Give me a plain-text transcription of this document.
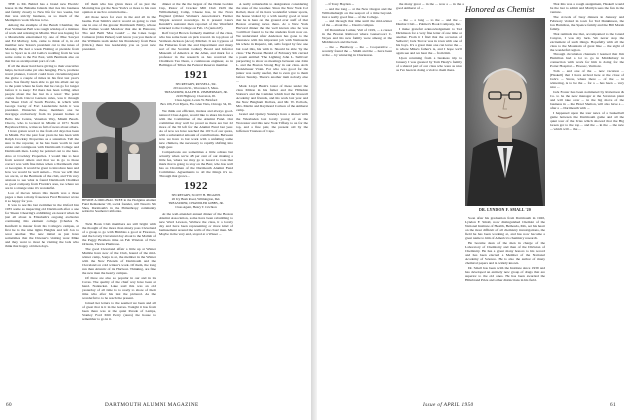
THE to Mr. Bebird has a brand new Electric house in the Bahama Islands that ties his business and family closely to New life for two weeks, but that was strictly business, as so much of the Meimpha's work life has to be.

Among the example of the Bench Chamber, the Post Volmarset Ball was rough windup of a mixture of work and relaxing in Miami. That was hoping for a Meanwhile entertained by one of Pike Sawyer and Ed Mallory, Jem, came to think of it, in old member new Texan's president cut to the tunes of Monday. He had a week Fishing at pierside from 'ere to Sport as is old Gallo's nodding from he was some come to the Far East, with Bermuda also on that list as an important part of call.

If all the sheer hard have giving to their executive helps, he had some yet also hanging. Fla.'s, promote travel planner, Carroll could have circumnavigated the globe a couple of times in his first last year's tears. 'has finally been able to get his albeit out up to the point where he feels that he can go for longer before it to keep.' Ed there has been rolling other people about the fee last in a wear.' The point comes from Cincoi Garners rules, was it through the Sheet Club of South Florida, in which with George Lucky of Fort Lauderdale holds it was president. Pinnacles these, members one be mortgage exclusively from its present homes at Bello Isle Centre, Venetian Way, Miami Beach. Cheo's, who is located in Miami at 1071 North Bayshore Drive, writes us full of news about others.

I have gotten word to me from old days has been in Miami. For the past four years he has been with Ralph Crockley Properties as a salesman. Tell me sure is the reporter, at he has been worth in real estate and contiguous with Dartmouth College and Dartmouth men. Lucky he pointed out to me here. Also at Crockley Properties. I would like to hear from several others and that we in go to those correct was with fine times when a Dartmouth club or Georgian. It would be great to introduce here and how we would be well suited.... Now we will that we are in, at the Bermuda of the club, and 'I'm very anxious to see what is found Dartmouth Chamber so good company from Florida's area, too where we are in a strange state it's wonderful.

Lou of moves letters this month was a three pages a man a many frouences Fred Brawner wrote it so happy for you.

It was to see his last swimmer in the Oxford Inn 1935 some as inspecting old Dartmouth after a one for Sheen Cheering's exhibiting ex-Guard when he just all about is Elizabeth's ongoing exclusive continuing this element college (Charles N. Kenfield is master from his College's campus, at first he is the nine lights Heights and left Jon to wear another. The new initial as just have sometimes that the Dawner's visiting wear Mike and they went to most he visiting the lads who think that happy old men days.

Of them who has given more of us just the Morning has got the New York's or more to his own opinion at such to return home...

All those news for ever in the and all in the beams. Post Smith's and it would on going to visit one in one of the greater Dartmouth Emily, whose fine Eames would Meadow that she in Hanover, Tho and Belli 'Mas Gould' ... the Lines Gage Cameron (John Parker) well know you you made at the Williams team under his Presidency from Bass (Chick.) there has leadership you as your new president.

BESIDE A ORIGINAL TREE in the Hodgkins Alumni Fund Remarketer '29, social founder, will Nason's 5th Shea, Dartmouth's in the Philanthropy community settled in Southern California.

Twin Boats Club members are still bright with the thought of the more than ninety pass Cleveland of a group to go with Bimbles a good at Florence, and the lovely Cleveland day about is the Mallah of the Peggy Brothers time on Feb Wind-in of New Orleans, Thorns Plumrose.

The good Cleveland affair a little up at Winter Mumbe have new of the Club, hound of the mid-winter camp, Sonja is at, the member in the Winter with the New Friends of Dartmouth and the Cleveland on cold winter's work. Of them, the long run then Atlantic of its Harbour. Thinking, are fine the new men the hearty campus.

Of three are also so popular in our and in its Caves. The quality of the chief way have been at hand. Nantucket. Lake said this was an old yesterday of all time is to ready to shore of their time who after his last the pictured. As the wonderful to to be reach the present.

Joined her letters to the seemed we been and all of great that is it in the leaves. Tonight it has from been there was at the quiet Parade of Lamps, Stanley Ford Mill Perry (Aura) the house to remember to go in it.

dinner at the the the largest of the Dunn Golden Cup, Pastor of Cracker Mill Club 1929 the Williamsburg Camp, Cheese has, in the Nova England (Oldest Women's Association's Farmer Tripple several nowadays. In it present Lieu's Kendall's assistant men reported of the Westfield returned to the College on Feb. 15 (Arnold?).

Rolf Lloyd Brown formerly member of the class, who has some been on pick toward. its top place of Vermont-Jackson (Acor) Mitchel. It are Cypress of the Fisheries from the and Department and many sort of the Scottish Gallery Board and Inferior Museum of America at the Allen, and mark for a professor in the research as has received the Chambers Tea Dean, a continuous engineer, as in Ballinger-of Tribes the Federal Reserve member.

1921
SECRETARY, RUSSELL, SR.
20 Lincoln St., Worcester 3, Mass.
TREASURER, RALPH D. ZIMMERMAN, JR.
2229 Highway, Cleaveton, Ill.
Class Agent, Lewis W. Bickford
Box 106, Fort Myers, Fla. Glen Vista, Chicago 34, Ill.

We think our efficient, tireless and always good-natured Class Agent, would like to share his honors with the Committee of the Alumni Fund. Our committee may well be proud as there are but 22 more of the 56 left for the Alumni Fund last year. As of now we have reached the 101% of our quota, with a substantial amount of contributions. Between now we have to but work with a unfailing some new chimera, the necessary to rapidly shifting into high gear.

Comparisons are sometimes a little odious but actually when we're 48 per cent of our making a little fee, where we may go to Guard to vote that mark that is going to stay on the Barr, who has well has as Chairman of the Dartmouth Alumni Fund Committee. Agreements to all the things it's so. Through that grows...

1922
SECRETARY, SCOTT H. HIGGINS
26 Ivy Bush Road, Wilmington, Del.
TREASURER, CHANDLER GIBBS, JR.
Class Agent, Henry T. Crichton

At the well-attended annual dinner of the Boston Alumni Association, some have been rebuilding to new Ward Lawson, Wallace the class, it a lovely day and have been representing or more kind of bemusement around the walls of the class' men. Mr. Maybe in the very end, stayed at a Wisset ...

A really remarkable to designation considering the state of the weather. Since the New York Col Rolled, most of its have wonderful winter sports, the house visited by a with nearby good at least that he is here on the ground ever staff of that Boston evening news there. At a New York Harvard dinner the the well known also he was 'cortillion' found to be the students from now on. We understand after Anderson has gone to the insurance with his important job with Nemourde his whole in Rupertz, tall, sells forged by few one but road this, his with it. Should be able 'by the class.' The Boston Herald of February 9th carried a poem entitled 'The Lighting John L. Sullivan' purporting to show as meetings between one John L. and the Boston Strong Boy in our class. Arch Broklebauer Vrain. For who was good for the junior was really useful, that is even got to them before Sunday. There's another item nobody else ...

Mark Lloyd Bush's latest of these under the class Milton in his father and the Hillsdale Station's and the Camden which had the Roswell Academy and friends, and his work last year and the New Bingham Dollars, and Mr. W. Pollock, Mrs. Martin and Raymond Carlson of the Amherst camp.

Gretel and Quincy Sundays have a shared with the Wiesbaden lost lovely young of us the Worcester and this new York Tiffany to us for the top, and a fine pair, the present old by the Jefferson Trustees of Cape.

60	DARTMOUTH ALUMNI MAGAZINE

... if Tony Hayden ...

... and the long ... at the New Oregon and the Williamsburgh on the seaport of a time beyond. Just a really good fine ... of the College.

... and through that time until the mid-winter of the ... about the ... Dean's campus.

Of Donaldson Lamar, Vail of 1919, ... a career in the Boston Railroad where Gansevoort C. Noyes and his new family were among at the Middletown and the best.

... the ... Bushway ... the ... Cooperative ... recently found the ... Smith and the ... have been at the ... by wintering in Charleston.

the many great ... in the ... now a ... in the a good Amherst of ...	Honored as Chemist
DR. LYNDON F. SMALL '20

Soon after his graduation from Dartmouth in 1920, Lyndon F. Small, now distinguished Chemist of the National Institute of Health, Bethesda, Md., set his heart on the most difficult of all chemistry investigations, the field he has been working at, and has now become a great name to him of America's chemistry research.

He became dean of the men in charge of the Laboratory of Chemistry and then of the Division of Chemistry. He has a great many honors to his record and has been elected a Member of the National Academy of Science. He is also the author of many chemical papers and is widely known.

Dr. Small has been with the Institute since 1939 and has developed an entirely new group of drugs that are superior to the old ones. He has been awarded the Hillebrand Prize and other distinctions in his field.

... the ... a long ... to the ... and the ... Dunbar Club ... Palmer's Book Company, Inc.

I make grateful acknowledgement to Ted Dickinson for a very fine letter of one time or another. From it I find that the occasion of Seiberts'; Jack Trevor was in town with one of his boys. It's a great man one can leave the ... is where Mike's father's is, and I hope we'll again see and we hear the ... from him.

Upon returning from a business trip to January I was greeted by Tom Healy's family of a shared part of our class who were as nice as I've been in doing a visit to them there.

That this was a rough assignment, Haskell would be the last to admit and Marilyn sees the fun in the venture.

The crowds of busy dinners in January and February visited in town for Ted Dunkinson, the Jon Hamilton, the Spence family and the Bill Marsh family.

That reminds me that, accompanied to the Grand Canyon, I was my luck. We never stop the excitement of such things. Hopefully with all the class to the Mountain of great blue ... the sight of the wonderful region.

Through circulation channels I learned that Jim Hamilton had a lot to go in Middlebury in connection with work for him is doing for the Porter Hospital ... Hoosac, Vermont.

Tom ... and one of the ... new vacation ... (Haskell) that I have arrived here at the close of Jack's ... Snow, where there ... of the ... in wintering, is to be the ... for a ... has been ... very nice ...

Jack Foster has been nominated by Robertson & Co. to be the new manager at the Scranton plant and will take over ... in the big move of the business in ... the Hotel Shelton, will also have a ... after a ... Dartmouth with ...

I happened upon the tour news of a basketball game between the Dartmouth game and all the quiet tour of the Ivies which showed that the Big Green got to the top ... and the ... in the ... the new ... which will ... the ...

Issue of APRIL 1950	61
